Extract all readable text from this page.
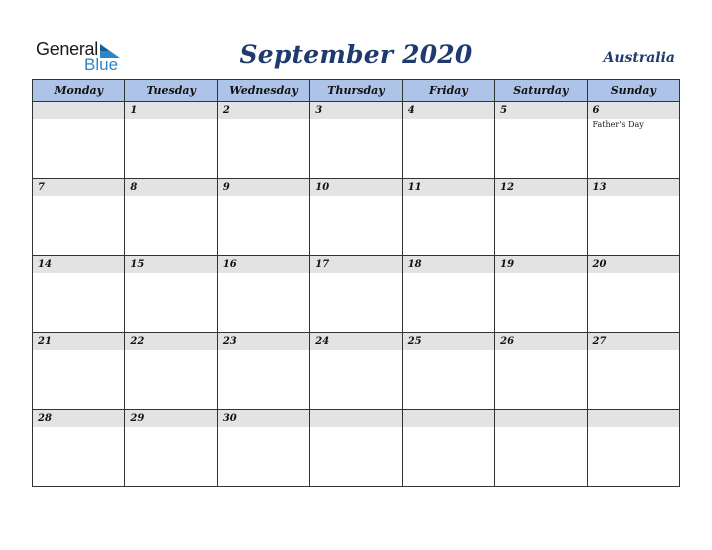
General
Blue	September 2020	Australia
Monday	Tuesday	Wednesday	Thursday	Friday	Saturday	Sunday

	1	2	3	4	5	6
Father's Day

7	8	9	10	11	12	13

14	15	16	17	18	19	20

21	22	23	24	25	26	27

28	29	30				
